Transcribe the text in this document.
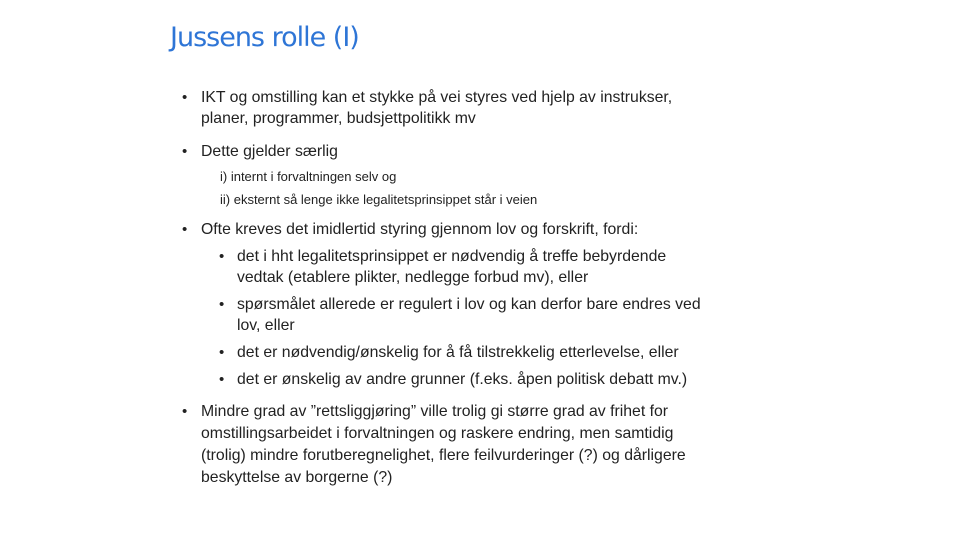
Jussens rolle (I)
• IKT og omstilling kan et stykke på vei styres ved hjelp av instrukser,
planer, programmer, budsjettpolitikk mv
• Dette gjelder særlig
i) internt i forvaltningen selv og
ii) eksternt så lenge ikke legalitetsprinsippet står i veien
• Ofte kreves det imidlertid styring gjennom lov og forskrift, fordi:
• det i hht legalitetsprinsippet er nødvendig å treffe bebyrdende
vedtak (etablere plikter, nedlegge forbud mv), eller
• spørsmålet allerede er regulert i lov og kan derfor bare endres ved
lov, eller
• det er nødvendig/ønskelig for å få tilstrekkelig etterlevelse, eller
• det er ønskelig av andre grunner (f.eks. åpen politisk debatt mv.)
• Mindre grad av ”rettsliggjøring” ville trolig gi større grad av frihet for
omstillingsarbeidet i forvaltningen og raskere endring, men samtidig
(trolig) mindre forutberegnelighet, flere feilvurderinger (?) og dårligere
beskyttelse av borgerne (?)
